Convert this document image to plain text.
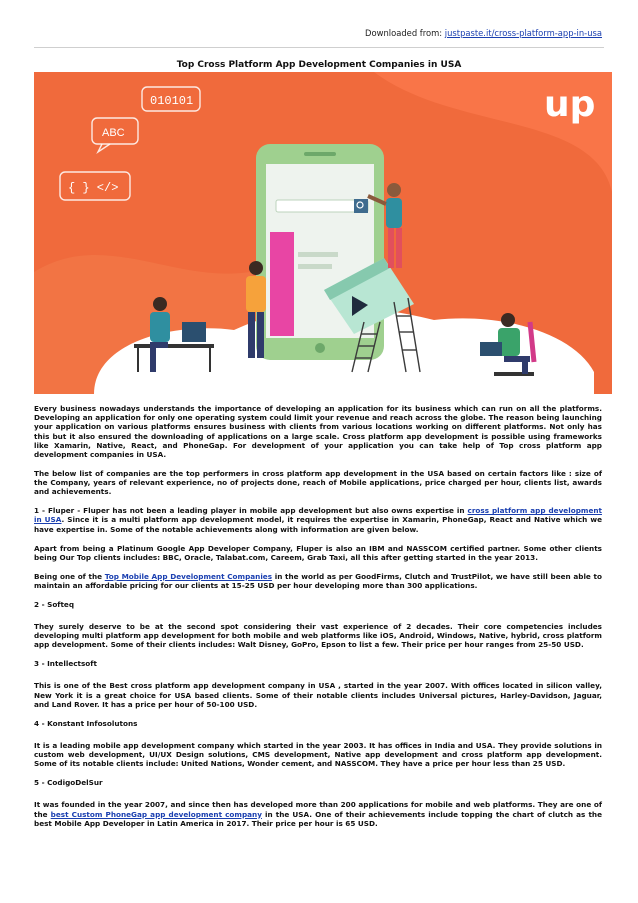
Downloaded from: justpaste.it/cross-platform-app-in-usa
Top Cross Platform App Development Companies in USA
010101
ABC
{ } </>
up

Every business nowadays understands the importance of developing an application for its business which can run on all the platforms. Developing an application for only one operating system could limit your revenue and reach across the globe. The reason being launching your application on various platforms ensures business with clients from various locations working on different platforms. Not only has this but it also ensured the downloading of applications on a large scale. Cross platform app development is possible using frameworks like Xamarin, Native, React, and PhoneGap. For development of your application you can take help of Top cross platform app development companies in USA.

The below list of companies are the top performers in cross platform app development in the USA based on certain factors like : size of the Company, years of relevant experience, no of projects done, reach of Mobile applications, price charged per hour, clients list, awards and achievements.

1 - Fluper - Fluper has not been a leading player in mobile app development but also owns expertise in cross platform app development in USA. Since it is a multi platform app development model, it requires the expertise in Xamarin, PhoneGap, React and Native which we have expertise in. Some of the notable achievements along with information are given below.

Apart from being a Platinum Google App Developer Company, Fluper is also an IBM and NASSCOM certified partner. Some other clients being Our Top clients includes: BBC, Oracle, Talabat.com, Careem, Grab Taxi, all this after getting started in the year 2013.

Being one of the Top Mobile App Development Companies in the world as per GoodFirms, Clutch and TrustPilot, we have still been able to maintain an affordable pricing for our clients at 15-25 USD per hour developing more than 300 applications.

2 - Softeq

They surely deserve to be at the second spot considering their vast experience of 2 decades. Their core competencies includes developing multi platform app development for both mobile and web platforms like iOS, Android, Windows, Native, hybrid, cross platform app development. Some of their clients includes: Walt Disney, GoPro, Epson to list a few. Their price per hour ranges from 25-50 USD.

3 - Intellectsoft

This is one of the Best cross platform app development company in USA , started in the year 2007. With offices located in silicon valley, New York it is a great choice for USA based clients. Some of their notable clients includes Universal pictures, Harley-Davidson, Jaguar, and Land Rover. It has a price per hour of 50-100 USD.

4 - Konstant Infosolutons

It is a leading mobile app development company which started in the year 2003. It has offices in India and USA. They provide solutions in custom web development, UI/UX Design solutions, CMS development, Native app development and cross platform app development. Some of its notable clients include: United Nations, Wonder cement, and NASSCOM. They have a price per hour less than 25 USD.

5 - CodigoDelSur

It was founded in the year 2007, and since then has developed more than 200 applications for mobile and web platforms. They are one of the best Custom PhoneGap app development company in the USA. One of their achievements include topping the chart of clutch as the best Mobile App Developer in Latin America in 2017. Their price per hour is 65 USD.
